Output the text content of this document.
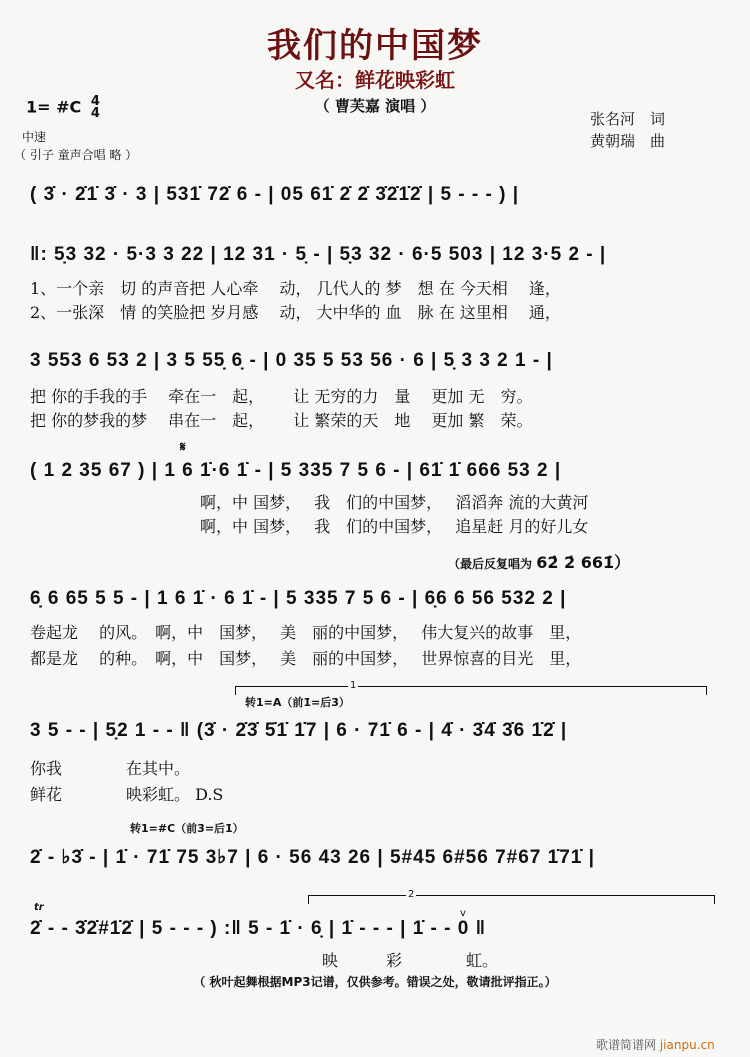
我们的中国梦
又名：鲜花映彩虹
（ 曹芙嘉 演唱 ）
1= #C 4
4
中速
（ 引子 童声合唱 略 ）
张名河　词
黄朝瑞　曲
( 3̇ · 2̇1̇ 3̇ · 3 | 531̇ 72̇ 6 - | 05 61̇ 2̇ 2̇ 3̇2̇1̇2̇ | 5 - - - ) |
‖: 5̣3 32 · 5·3 3 22 | 12 31 · 5̣ - | 5̣3 32 · 6·5 503 | 12 3·5 2 - |
1、一个亲　切 的声音把 人心牵　 动， 几代人的 梦　想 在 今天相　 逢，
2、一张深　情 的笑脸把 岁月感　 动， 大中华的 血　脉 在 这里相　 通，
3 553 6 53 2 | 3 5 55̣ 6̣ - | 0 35 5 53 56 · 6 | 5̣ 3 3 2 1 - |
把 你的手我的手　 牵在一　起，　　 让 无穷的力　量　 更加 无　穷。
把 你的梦我的梦　 串在一　起，　　 让 繁荣的天　地　 更加 繁　荣。
𝄋
( 1 2 35 67 ) | 1 6 1̇·6 1̇ - | 5 335 7 5 6 - | 61̇ 1̇ 666 53 2 |
啊，中 国梦，　 我　们的中国梦，　 滔滔奔 流的大黄河
啊，中 国梦，　 我　们的中国梦，　 追星赶 月的好儿女
（最后反复唱为 62̇ 2̇ 661̇）
6̣ 6 65 5 5 - | 1 6 1̇ · 6 1̇ - | 5 335 7 5 6 - | 6̣6 6 56 532 2 |
卷起龙　 的风。　啊，中　国梦，　 美　丽的中国梦，　 伟大复兴的故事　里，
都是龙　 的种。　啊，中　国梦，　 美　丽的中国梦，　 世界惊喜的目光　里，
1
转1=A（前1̇=后3̇）
3 5 - - | 5̣2 1 - - ‖ (3̇ · 2̇3̇ 5̇1̇ 1̇7 | 6 · 71̇ 6 - | 4̇ · 3̇4̇ 3̇6 1̇2̇ |
你我　　　　在其中。
鲜花　　　　映彩虹。 D.S
转1=#C（前3̇=后1̇）
2̇ - ♭3̇ - | 1̇ · 71̇ 75 3♭7 | 6 · 56 43 26 | 5#45 6#56 7#67 1̇71̇ |
2
tr
v
2̇ - - 3̇2̇#1̇2̇ | 5 - - - ) :‖ 5 - 1̇ · 6̣ | 1̇ - - - | 1̇ - - 0 ‖
映　　　彩　　　　虹。
（ 秋叶起舞根据MP3记谱，仅供参考。错误之处，敬请批评指正。）
歌谱简谱网 jianpu.cn
